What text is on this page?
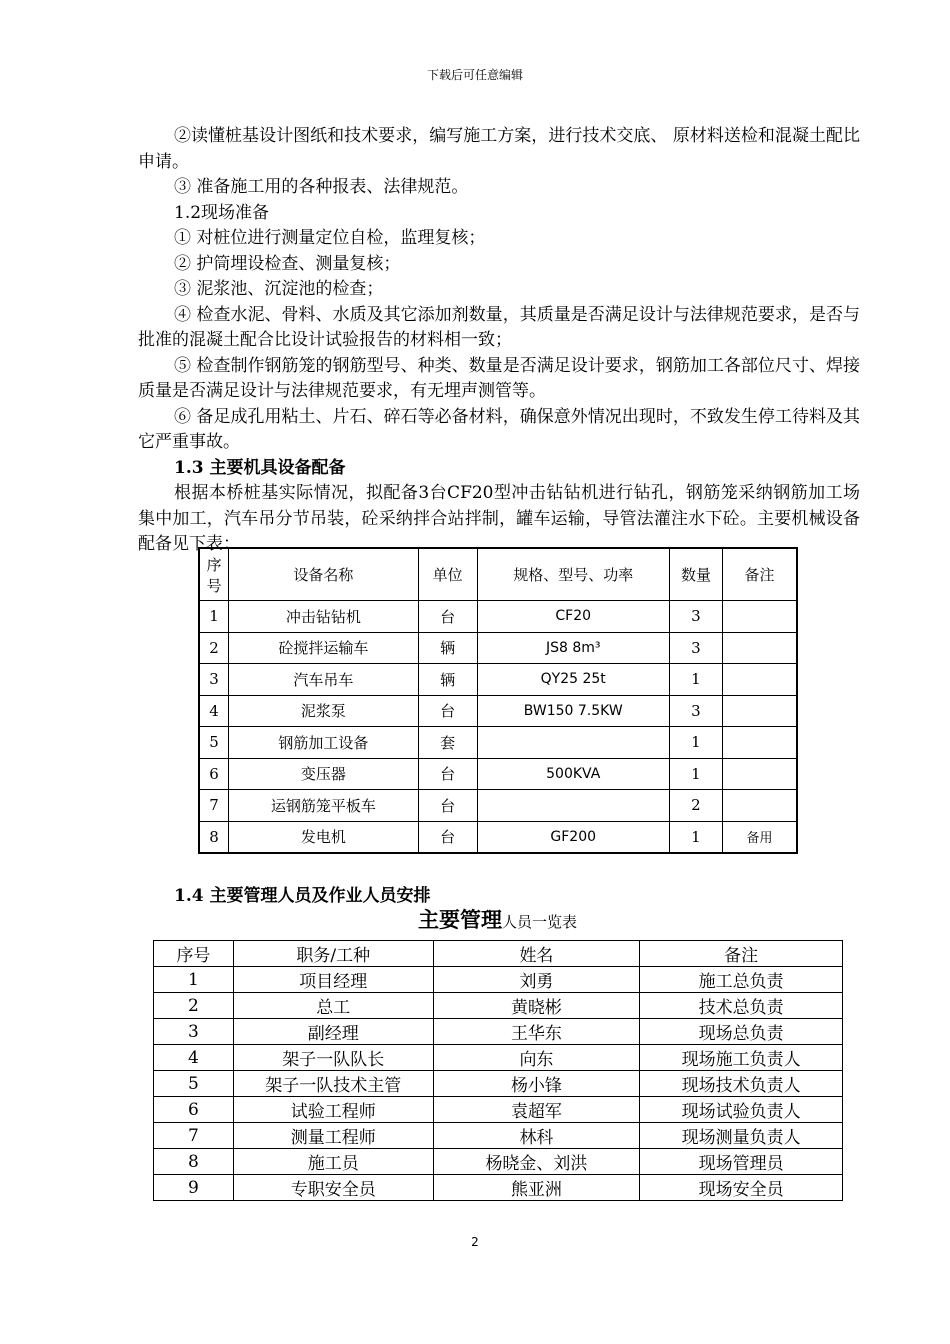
下载后可任意编辑

②读懂桩基设计图纸和技术要求，编写施工方案，进行技术交底、 原材料送检和混凝土配比申请。

③ 准备施工用的各种报表、法律规范。

1.2现场准备

① 对桩位进行测量定位自检，监理复核；

② 护筒埋设检查、测量复核；

③ 泥浆池、沉淀池的检查；

④ 检查水泥、骨料、水质及其它添加剂数量，其质量是否满足设计与法律规范要求，是否与批准的混凝土配合比设计试验报告的材料相一致；

⑤ 检查制作钢筋笼的钢筋型号、种类、数量是否满足设计要求，钢筋加工各部位尺寸、焊接质量是否满足设计与法律规范要求，有无埋声测管等。

⑥ 备足成孔用粘土、片石、碎石等必备材料，确保意外情况出现时，不致发生停工待料及其它严重事故。

1.3 主要机具设备配备

根据本桥桩基实际情况，拟配备3台CF20型冲击钻钻机进行钻孔，钢筋笼采纳钢筋加工场集中加工，汽车吊分节吊装，砼采纳拌合站拌制，罐车运输，导管法灌注水下砼。主要机械设备配备见下表：

序号	设备名称	单位	规格、型号、功率	数量	备注
1	冲击钻钻机	台	CF20	3	
2	砼搅拌运输车	辆	JS8 8m³	3	
3	汽车吊车	辆	QY25 25t	1	
4	泥浆泵	台	BW150 7.5KW	3	
5	钢筋加工设备	套		1	
6	变压器	台	500KVA	1	
7	运钢筋笼平板车	台		2	
8	发电机	台	GF200	1	备用
1.4 主要管理人员及作业人员安排
主要管理人员一览表
序号	职务/工种	姓名	备注
1	项目经理	刘勇	施工总负责
2	总工	黄晓彬	技术总负责
3	副经理	王华东	现场总负责
4	架子一队队长	向东	现场施工负责人
5	架子一队技术主管	杨小锋	现场技术负责人
6	试验工程师	袁超军	现场试验负责人
7	测量工程师	林科	现场测量负责人
8	施工员	杨晓金、刘洪	现场管理员
9	专职安全员	熊亚洲	现场安全员
2
